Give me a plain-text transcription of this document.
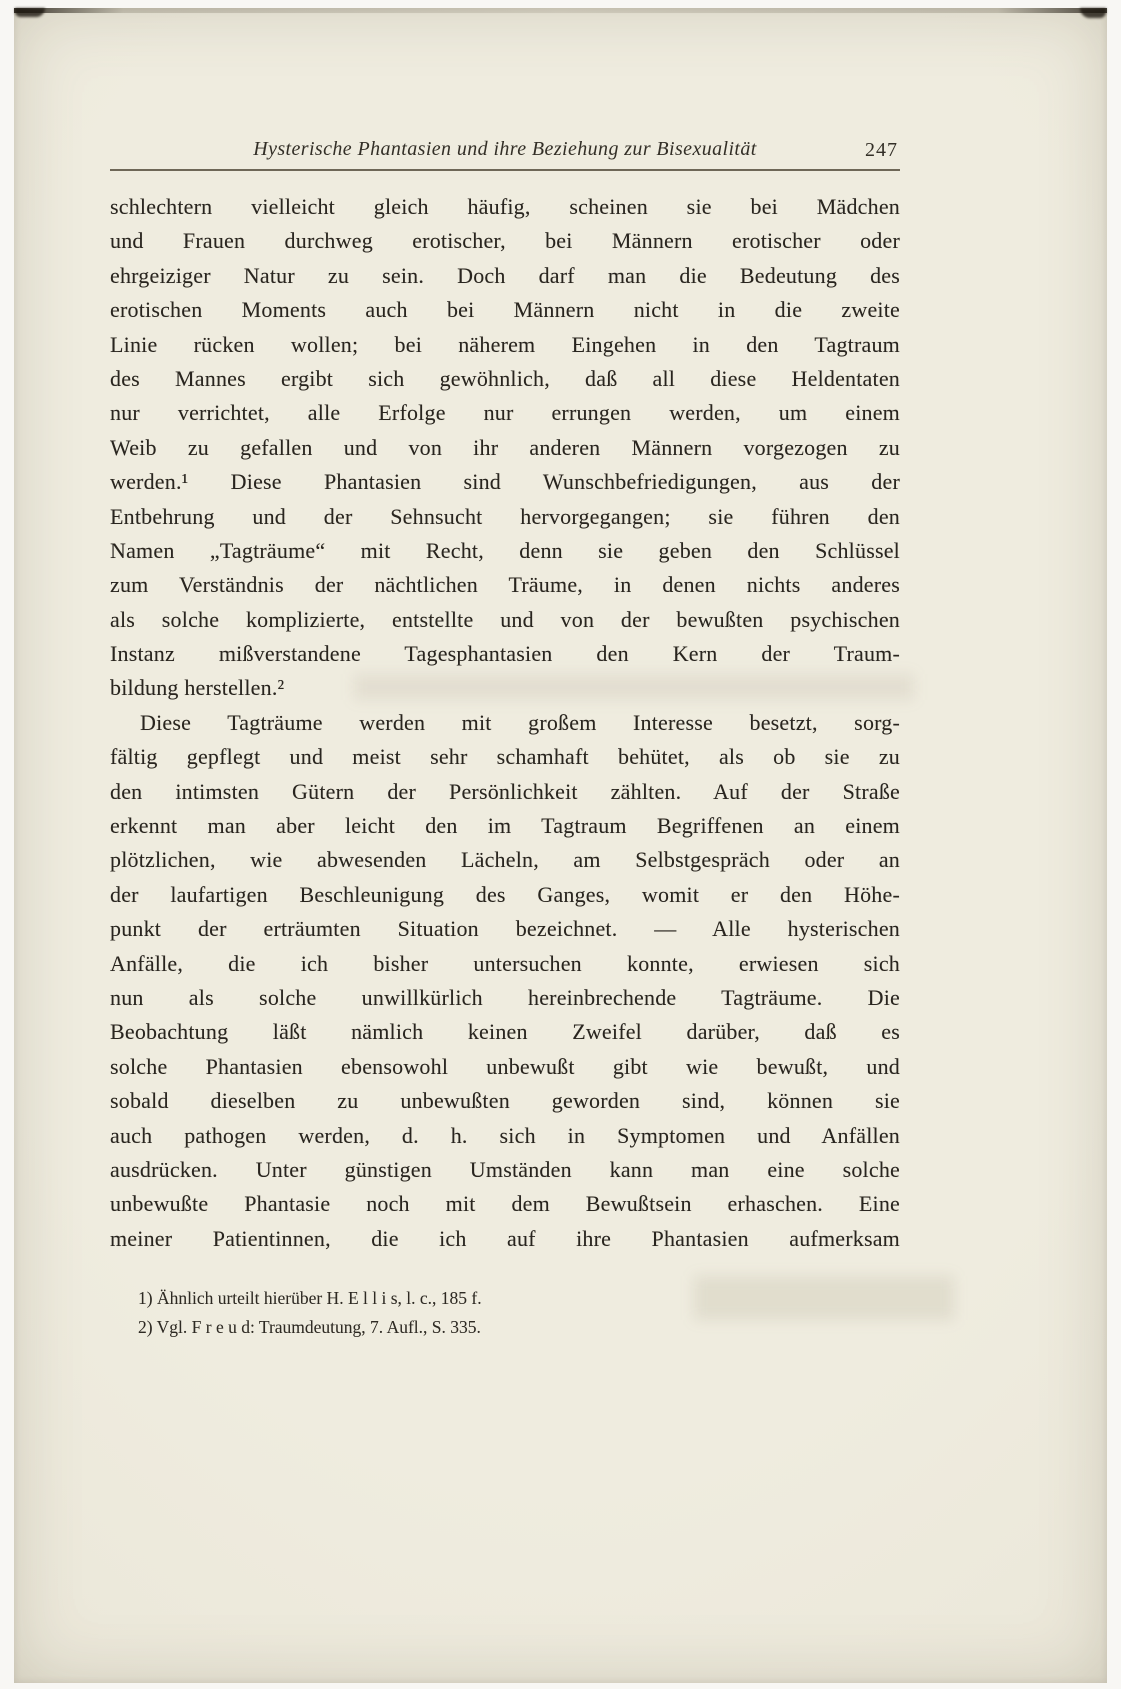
Hysterische Phantasien und ihre Beziehung zur Bisexualität	247
schlechtern vielleicht gleich häufig, scheinen sie bei Mädchen
und Frauen durchweg erotischer, bei Männern erotischer oder
ehrgeiziger Natur zu sein. Doch darf man die Bedeutung des
erotischen Moments auch bei Männern nicht in die zweite
Linie rücken wollen; bei näherem Eingehen in den Tagtraum
des Mannes ergibt sich gewöhnlich, daß all diese Heldentaten
nur verrichtet, alle Erfolge nur errungen werden, um einem
Weib zu gefallen und von ihr anderen Männern vorgezogen zu
werden.¹ Diese Phantasien sind Wunschbefriedigungen, aus der
Entbehrung und der Sehnsucht hervorgegangen; sie führen den
Namen „Tagträume“ mit Recht, denn sie geben den Schlüssel
zum Verständnis der nächtlichen Träume, in denen nichts anderes
als solche komplizierte, entstellte und von der bewußten psychischen
Instanz mißverstandene Tagesphantasien den Kern der Traum-
bildung herstellen.²
Diese Tagträume werden mit großem Interesse besetzt, sorg-
fältig gepflegt und meist sehr schamhaft behütet, als ob sie zu
den intimsten Gütern der Persönlichkeit zählten. Auf der Straße
erkennt man aber leicht den im Tagtraum Begriffenen an einem
plötzlichen, wie abwesenden Lächeln, am Selbstgespräch oder an
der laufartigen Beschleunigung des Ganges, womit er den Höhe-
punkt der erträumten Situation bezeichnet. — Alle hysterischen
Anfälle, die ich bisher untersuchen konnte, erwiesen sich
nun als solche unwillkürlich hereinbrechende Tagträume. Die
Beobachtung läßt nämlich keinen Zweifel darüber, daß es
solche Phantasien ebensowohl unbewußt gibt wie bewußt, und
sobald dieselben zu unbewußten geworden sind, können sie
auch pathogen werden, d. h. sich in Symptomen und Anfällen
ausdrücken. Unter günstigen Umständen kann man eine solche
unbewußte Phantasie noch mit dem Bewußtsein erhaschen. Eine
meiner Patientinnen, die ich auf ihre Phantasien aufmerksam

1) Ähnlich urteilt hierüber H. E l l i s, l. c., 185 f.

2) Vgl. F r e u d: Traumdeutung, 7. Aufl., S. 335.
